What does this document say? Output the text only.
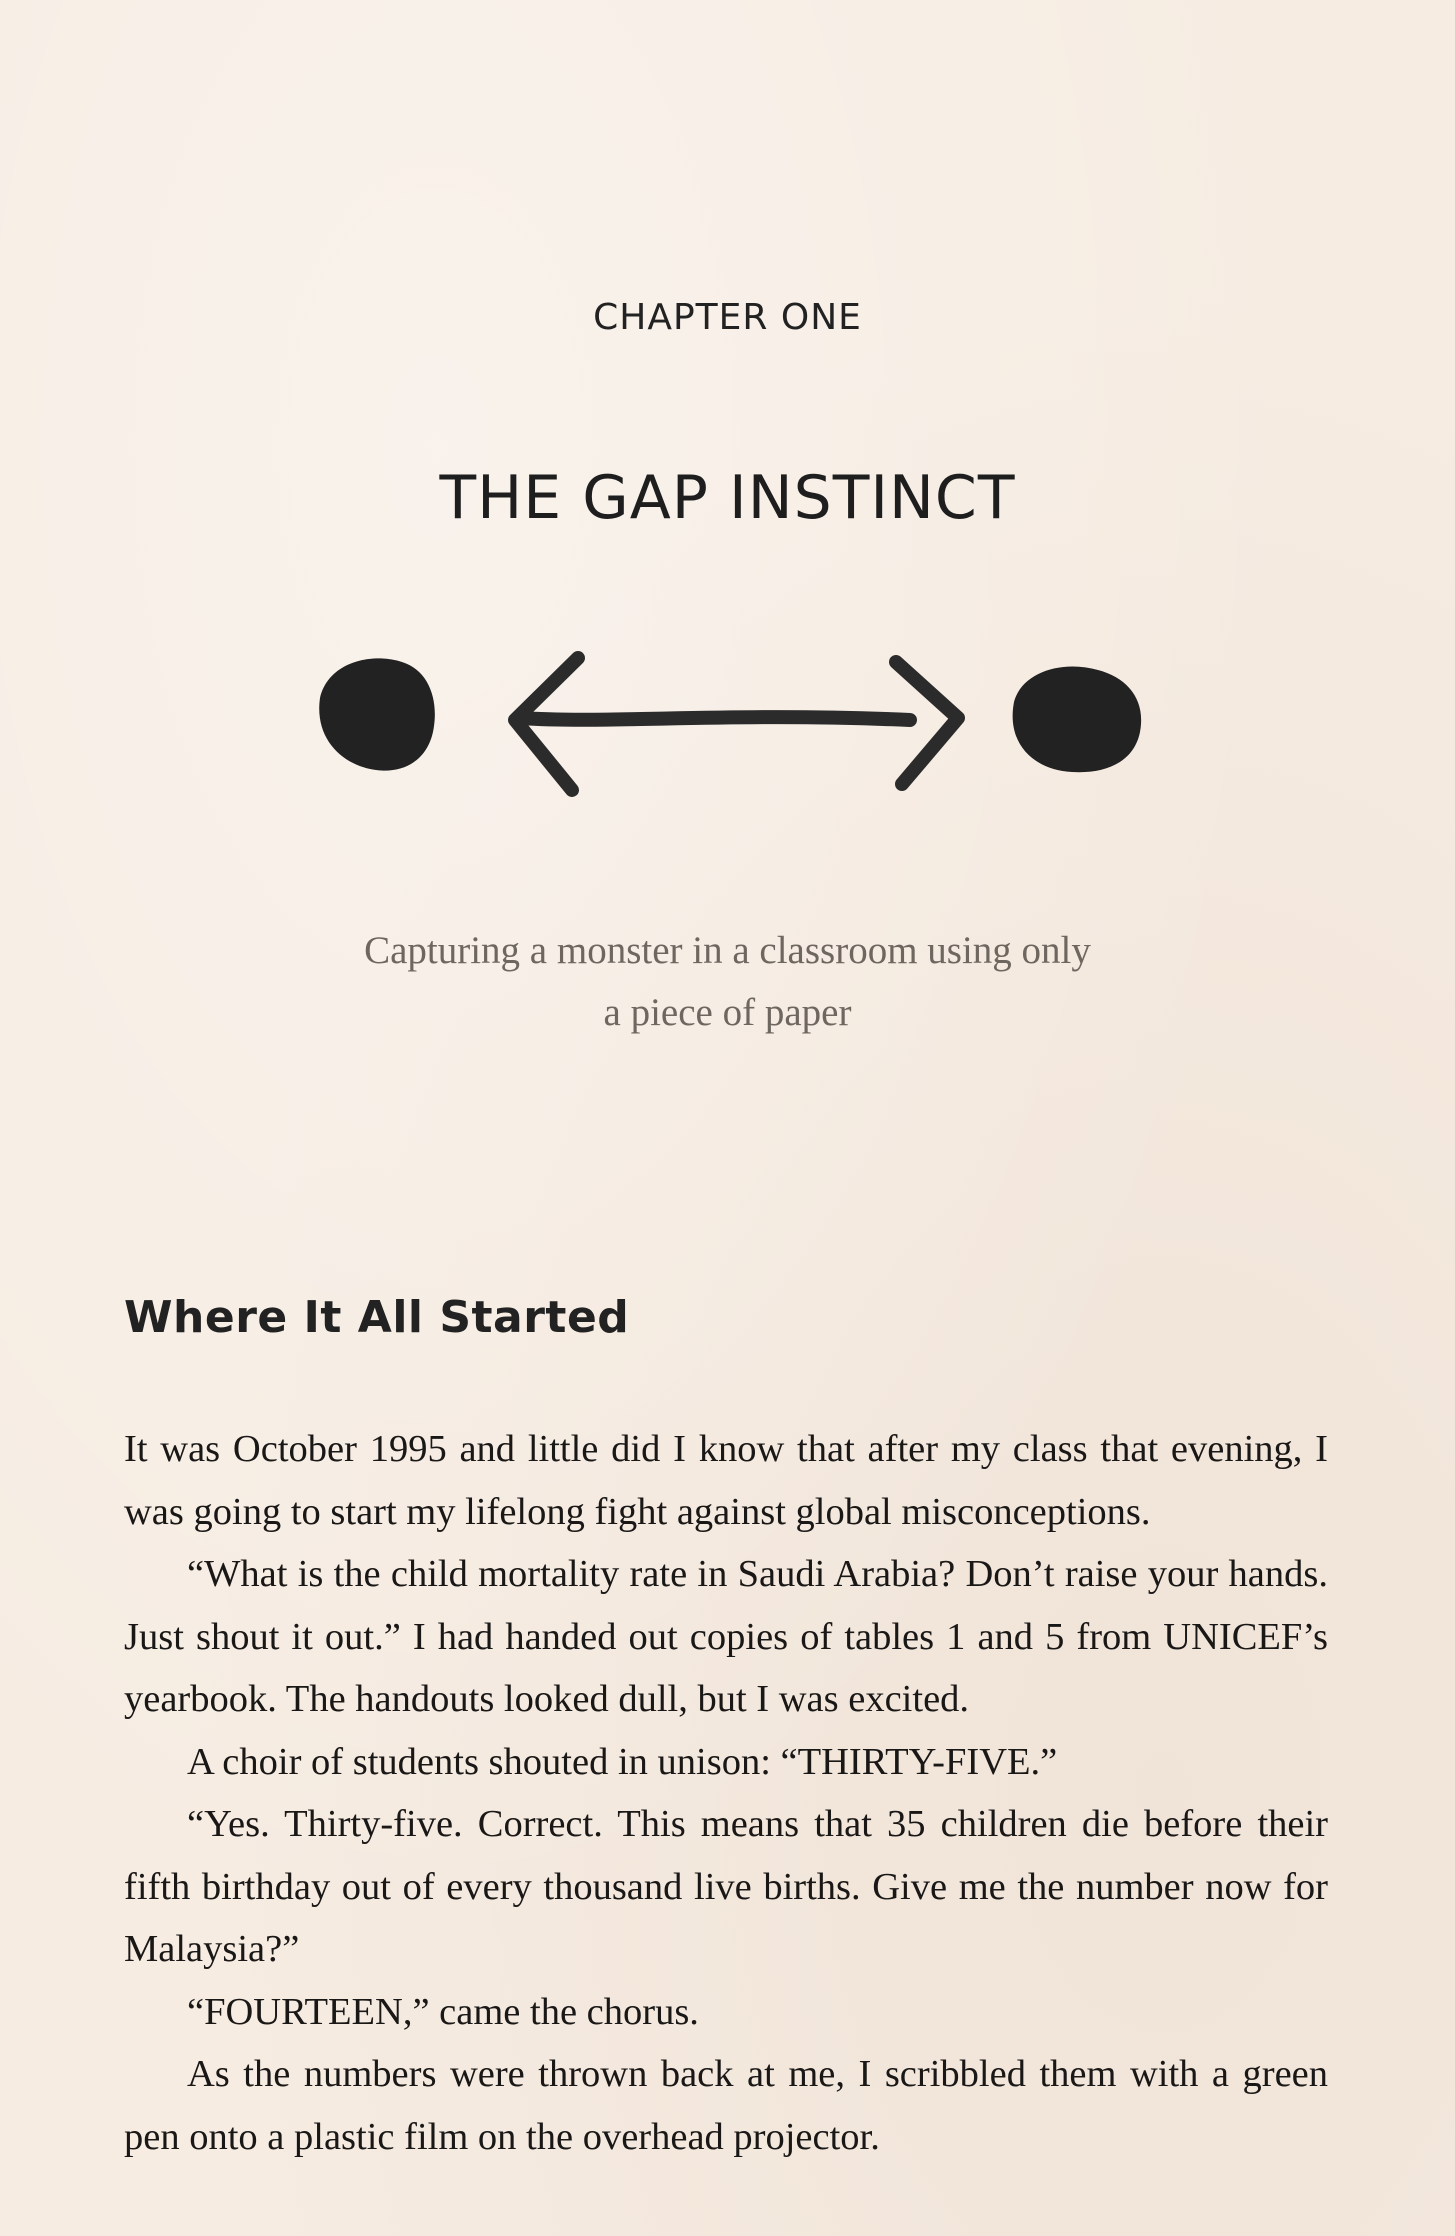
CHAPTER ONE
THE GAP INSTINCT

Capturing a monster in a classroom using only
a piece of paper

Where It All Started

It was October 1995 and little did I know that after my class that evening, I was going to start my lifelong fight against global misconceptions.

“What is the child mortality rate in Saudi Arabia? Don’t raise your hands. Just shout it out.” I had handed out copies of tables 1 and 5 from UNICEF’s yearbook. The handouts looked dull, but I was excited.

A choir of students shouted in unison: “THIRTY-FIVE.”

“Yes. Thirty-five. Correct. This means that 35 children die before their fifth birthday out of every thousand live births. Give me the number now for Malaysia?”

“FOURTEEN,” came the chorus.

As the numbers were thrown back at me, I scribbled them with a green pen onto a plastic film on the overhead projector.
